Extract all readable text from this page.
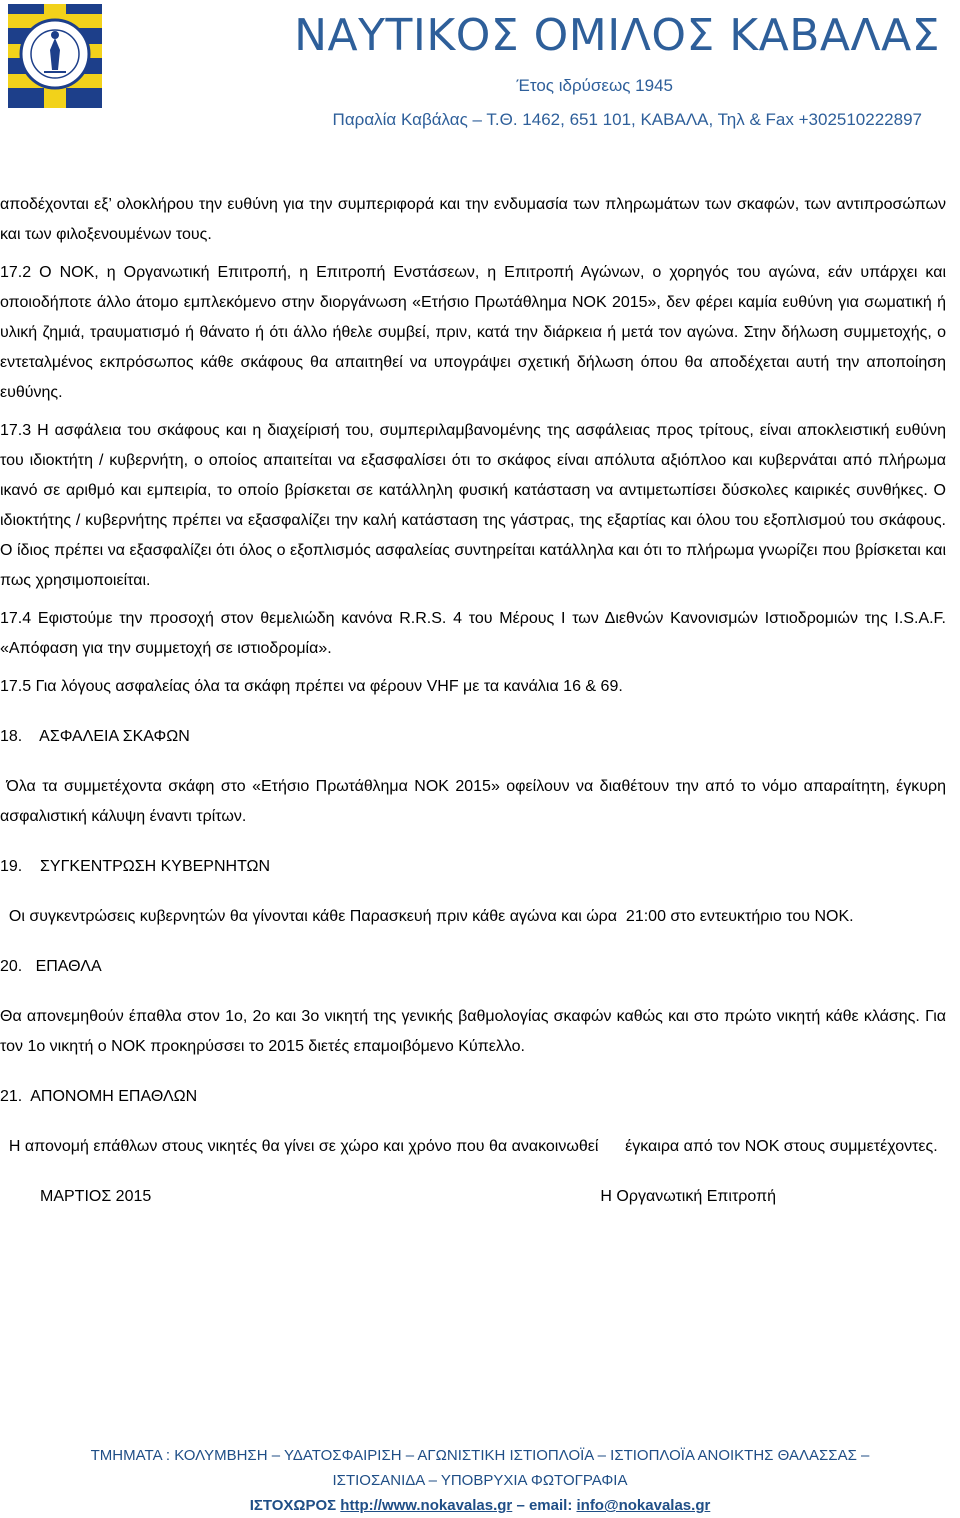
ΝΑΥΤΙΚΟΣ ΟΜΙΛΟΣ ΚΑΒΑΛΑΣ
Έτος ιδρύσεως 1945
Παραλία Καβάλας – Τ.Θ. 1462, 651 101, ΚΑΒΑΛΑ, Τηλ & Fax +302510222897

αποδέχονται εξ’ ολοκλήρου την ευθύνη για την συμπεριφορά και την ενδυμασία των πληρωμάτων των σκαφών, των αντιπροσώπων και των φιλοξενουμένων τους.

17.2 Ο ΝΟΚ, η Οργανωτική Επιτροπή, η Επιτροπή Ενστάσεων, η Επιτροπή Αγώνων, ο χορηγός του αγώνα, εάν υπάρχει και οποιοδήποτε άλλο άτομο εμπλεκόμενο στην διοργάνωση «Ετήσιο Πρωτάθλημα ΝΟΚ 2015», δεν φέρει καμία ευθύνη για σωματική ή υλική ζημιά, τραυματισμό ή θάνατο ή ότι άλλο ήθελε συμβεί, πριν, κατά την διάρκεια ή μετά τον αγώνα. Στην δήλωση συμμετοχής, ο εντεταλμένος εκπρόσωπος κάθε σκάφους θα απαιτηθεί να υπογράψει σχετική δήλωση όπου θα αποδέχεται αυτή την αποποίηση ευθύνης.

17.3 Η ασφάλεια του σκάφους και η διαχείρισή του, συμπεριλαμβανομένης της ασφάλειας προς τρίτους, είναι αποκλειστική ευθύνη του ιδιοκτήτη / κυβερνήτη, ο οποίος απαιτείται να εξασφαλίσει ότι το σκάφος είναι απόλυτα αξιόπλοο και κυβερνάται από πλήρωμα ικανό σε αριθμό και εμπειρία, το οποίο βρίσκεται σε κατάλληλη φυσική κατάσταση να αντιμετωπίσει δύσκολες καιρικές συνθήκες. Ο ιδιοκτήτης / κυβερνήτης πρέπει να εξασφαλίζει την καλή κατάσταση της γάστρας, της εξαρτίας και όλου του εξοπλισμού του σκάφους. Ο ίδιος πρέπει να εξασφαλίζει ότι όλος ο εξοπλισμός ασφαλείας συντηρείται κατάλληλα και ότι το πλήρωμα γνωρίζει που βρίσκεται και πως χρησιμοποιείται.

17.4 Εφιστούμε την προσοχή στον θεμελιώδη κανόνα R.R.S. 4 του Μέρους I των Διεθνών Κανονισμών Ιστιοδρομιών της I.S.A.F. «Απόφαση για την συμμετοχή σε ιστιοδρομία».

17.5 Για λόγους ασφαλείας όλα τα σκάφη πρέπει να φέρουν VHF με τα κανάλια 16 & 69.

18.    ΑΣΦΑΛΕΙΑ ΣΚΑΦΩΝ

Όλα τα συμμετέχοντα σκάφη στο «Ετήσιο Πρωτάθλημα ΝΟΚ 2015» οφείλουν να διαθέτουν την από το νόμο απαραίτητη, έγκυρη ασφαλιστική κάλυψη έναντι τρίτων.

19.    ΣΥΓΚΕΝΤΡΩΣΗ ΚΥΒΕΡΝΗΤΩΝ

Οι συγκεντρώσεις κυβερνητών θα γίνονται κάθε Παρασκευή πριν κάθε αγώνα και ώρα  21:00 στο εντευκτήριο του ΝΟΚ.

20.   ΕΠΑΘΛΑ

Θα απονεμηθούν έπαθλα στον 1ο, 2ο και 3ο νικητή της γενικής βαθμολογίας σκαφών καθώς και στο πρώτο νικητή κάθε κλάσης. Για τον 1ο νικητή ο ΝΟΚ προκηρύσσει το 2015 διετές επαμοιβόμενο Κύπελλο.

21.  ΑΠΟΝΟΜΗ ΕΠΑΘΛΩΝ

Η απονομή επάθλων στους νικητές θα γίνει σε χώρο και χρόνο που θα ανακοινωθεί      έγκαιρα από τον ΝΟΚ στους συμμετέχοντες.

ΜΑΡΤΙΟΣ 2015	Η Οργανωτική Επιτροπή
ΤΜΗΜΑΤΑ : ΚΟΛΥΜΒΗΣΗ – ΥΔΑΤΟΣΦΑΙΡΙΣΗ – ΑΓΩΝΙΣΤΙΚΗ ΙΣΤΙΟΠΛΟΪΑ – ΙΣΤΙΟΠΛΟΪΑ ΑΝΟΙΚΤΗΣ ΘΑΛΑΣΣΑΣ –
ΙΣΤΙΟΣΑΝΙΔΑ – ΥΠΟΒΡΥΧΙΑ ΦΩΤΟΓΡΑΦΙΑ
ΙΣΤΟΧΩΡΟΣ http://www.nokavalas.gr – email: info@nokavalas.gr
